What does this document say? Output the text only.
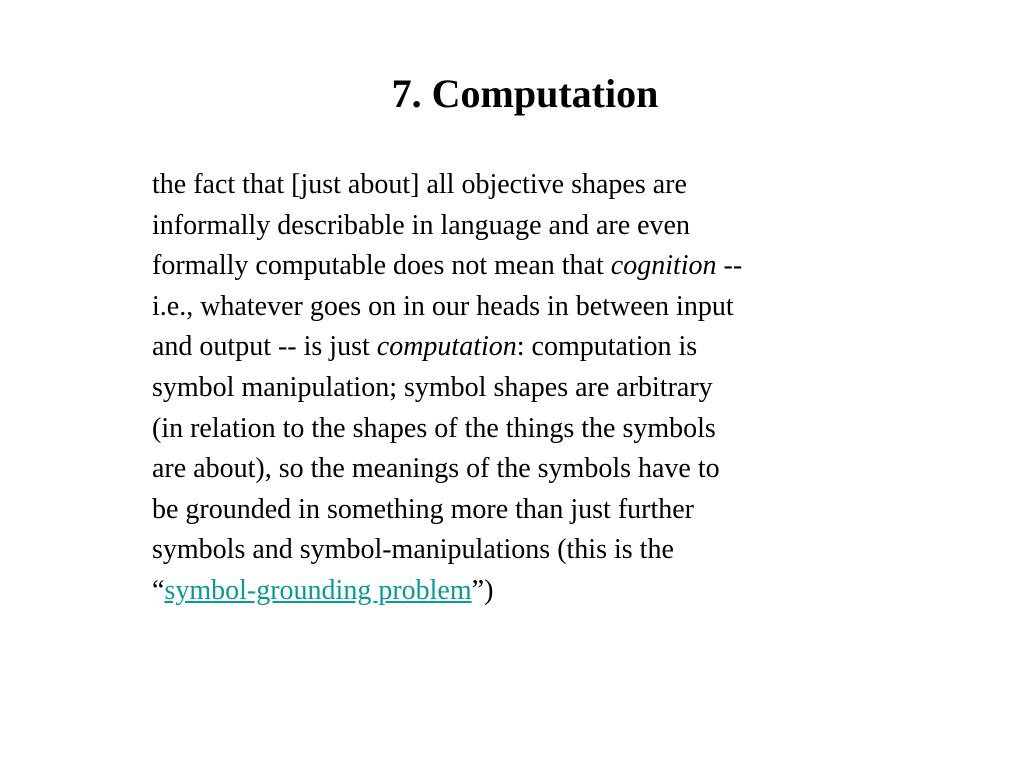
7. Computation
the fact that [just about] all objective shapes are
informally describable in language and are even
formally computable does not mean that cognition --
i.e., whatever goes on in our heads in between input
and output -- is just computation: computation is
symbol manipulation; symbol shapes are arbitrary
(in relation to the shapes of the things the symbols
are about), so the meanings of the symbols have to
be grounded in something more than just further
symbols and symbol-manipulations (this is the
“symbol-grounding problem”)
